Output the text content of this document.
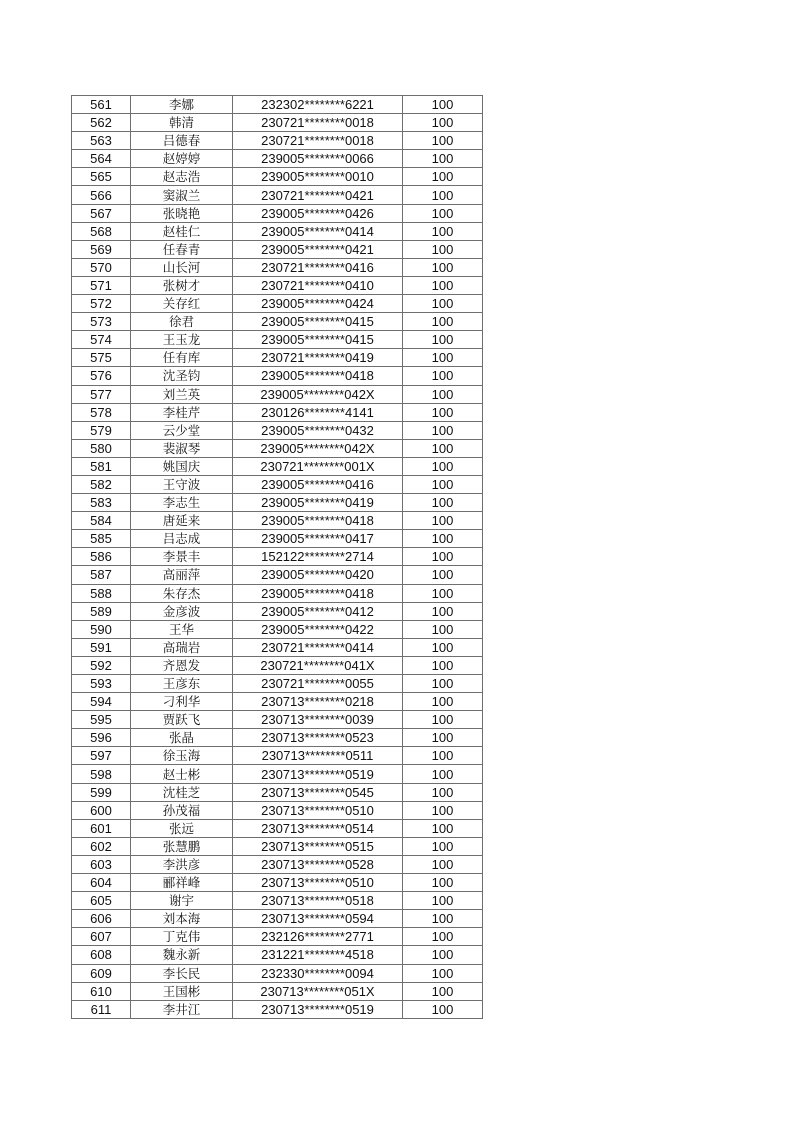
561	李娜	232302********6221	100
562	韩清	230721********0018	100
563	吕德春	230721********0018	100
564	赵婷婷	239005********0066	100
565	赵志浩	239005********0010	100
566	窦淑兰	230721********0421	100
567	张晓艳	239005********0426	100
568	赵桂仁	239005********0414	100
569	任春青	239005********0421	100
570	山长河	230721********0416	100
571	张树才	230721********0410	100
572	关存红	239005********0424	100
573	徐君	239005********0415	100
574	王玉龙	239005********0415	100
575	任有库	230721********0419	100
576	沈圣钧	239005********0418	100
577	刘兰英	239005********042X	100
578	李桂芹	230126********4141	100
579	云少堂	239005********0432	100
580	裴淑琴	239005********042X	100
581	姚国庆	230721********001X	100
582	王守波	239005********0416	100
583	李志生	239005********0419	100
584	唐延来	239005********0418	100
585	吕志成	239005********0417	100
586	李景丰	152122********2714	100
587	高丽萍	239005********0420	100
588	朱存杰	239005********0418	100
589	金彦波	239005********0412	100
590	王华	239005********0422	100
591	高瑞岩	230721********0414	100
592	齐恩发	230721********041X	100
593	王彦东	230721********0055	100
594	刁利华	230713********0218	100
595	贾跃飞	230713********0039	100
596	张晶	230713********0523	100
597	徐玉海	230713********0511	100
598	赵士彬	230713********0519	100
599	沈桂芝	230713********0545	100
600	孙茂福	230713********0510	100
601	张远	230713********0514	100
602	张慧鹏	230713********0515	100
603	李洪彦	230713********0528	100
604	郦祥峰	230713********0510	100
605	谢宇	230713********0518	100
606	刘本海	230713********0594	100
607	丁克伟	232126********2771	100
608	魏永新	231221********4518	100
609	李长民	232330********0094	100
610	王国彬	230713********051X	100
611	李井江	230713********0519	100
